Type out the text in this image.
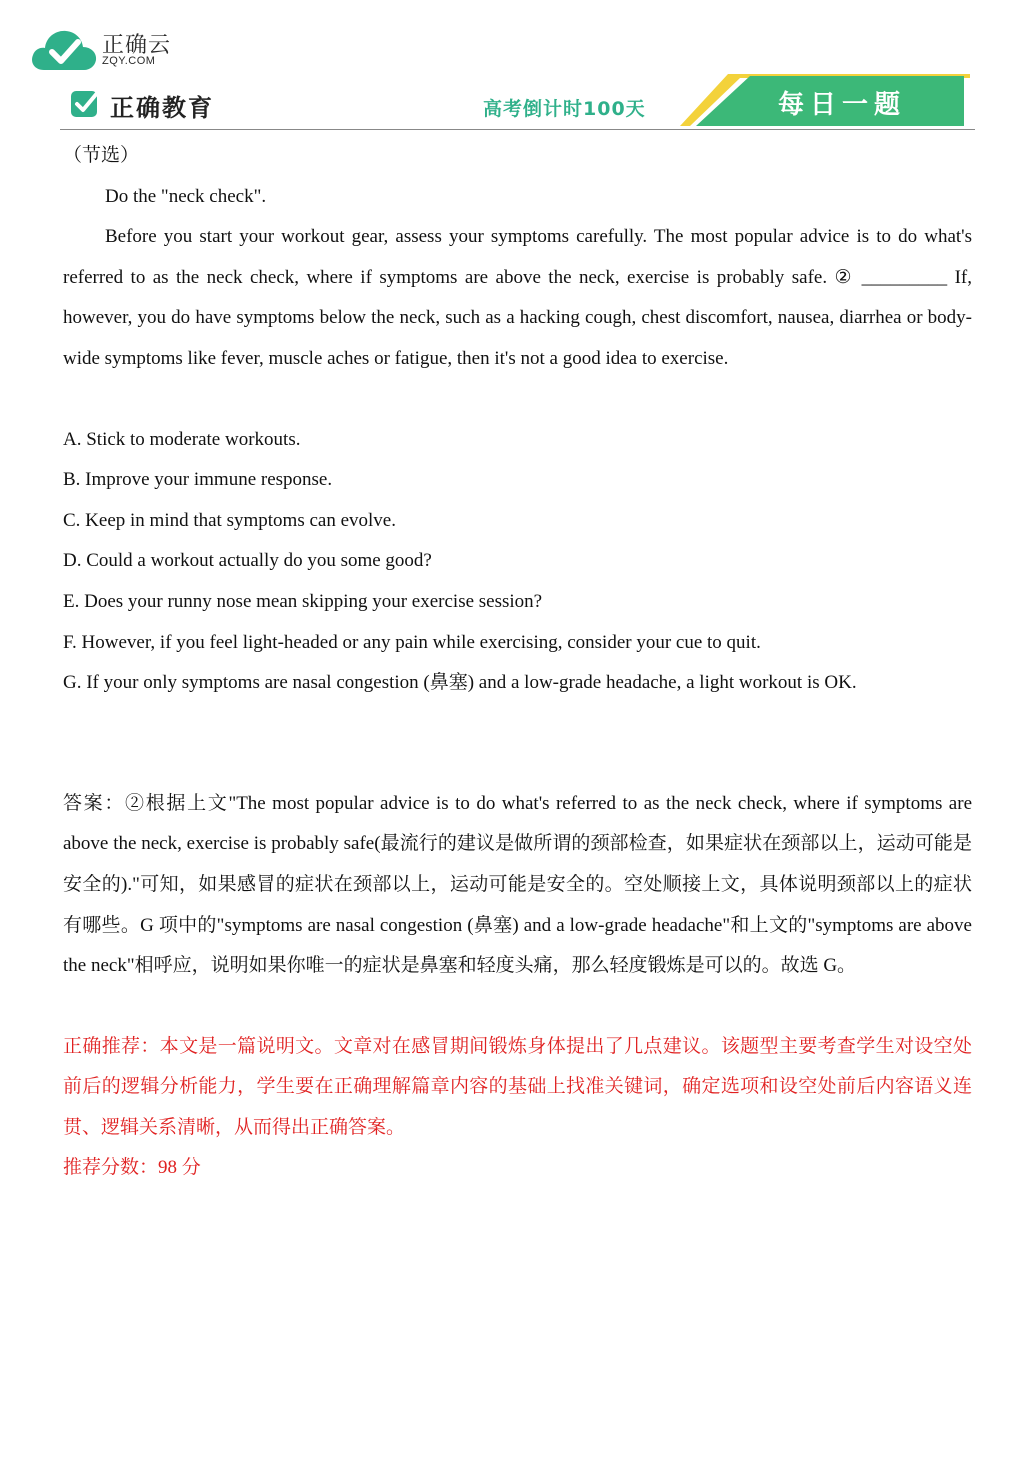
正确云
ZQY.COM
正确教育	高考倒计时100天	每日一题
（节选）
Do the "neck check".
Before you start your workout gear, assess your symptoms carefully. The most popular advice is to do what's referred to as the neck check, where if symptoms are above the neck, exercise is probably safe. ② _________ If, however, you do have symptoms below the neck, such as a hacking cough, chest discomfort, nausea, diarrhea or body-wide symptoms like fever, muscle aches or fatigue, then it's not a good idea to exercise.
A. Stick to moderate workouts.
B. Improve your immune response.
C. Keep in mind that symptoms can evolve.
D. Could a workout actually do you some good?
E. Does your runny nose mean skipping your exercise session?
F. However, if you feel light-headed or any pain while exercising, consider your cue to quit.
G. If your only symptoms are nasal congestion (鼻塞) and a low-grade headache, a light workout is OK.
答案：②根据上文"The most popular advice is to do what's referred to as the neck check, where if symptoms are above the neck, exercise is probably safe(最流行的建议是做所谓的颈部检查，如果症状在颈部以上，运动可能是安全的)."可知，如果感冒的症状在颈部以上，运动可能是安全的。空处顺接上文，具体说明颈部以上的症状有哪些。G 项中的"symptoms are nasal congestion (鼻塞) and a low-grade headache"和上文的"symptoms are above the neck"相呼应，说明如果你唯一的症状是鼻塞和轻度头痛，那么轻度锻炼是可以的。故选 G。
正确推荐：本文是一篇说明文。文章对在感冒期间锻炼身体提出了几点建议。该题型主要考查学生对设空处前后的逻辑分析能力，学生要在正确理解篇章内容的基础上找准关键词，确定选项和设空处前后内容语义连贯、逻辑关系清晰，从而得出正确答案。
推荐分数：98 分
